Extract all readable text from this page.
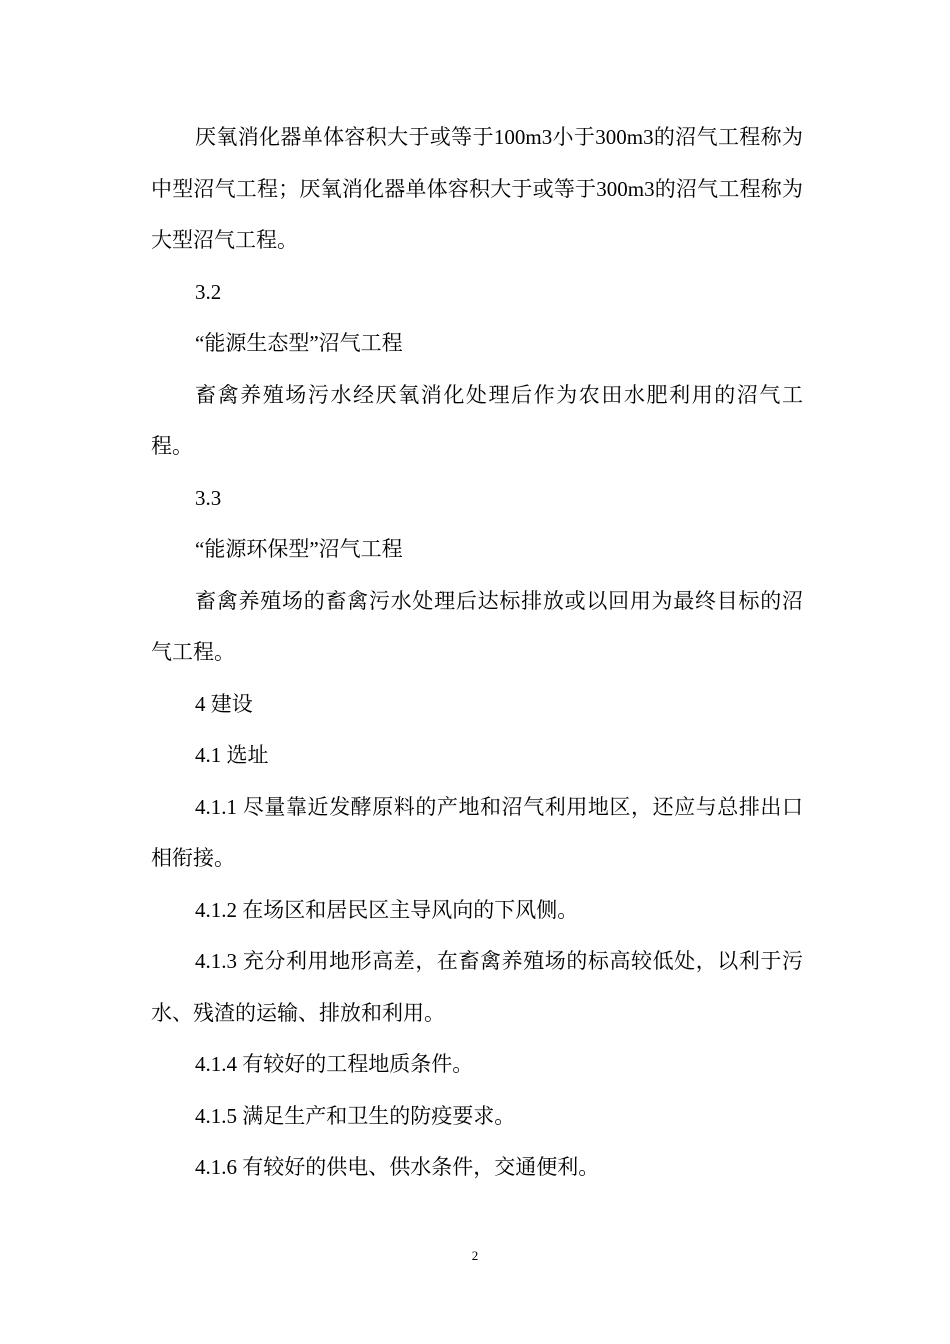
厌氧消化器单体容积大于或等于100m3小于300m3的沼气工程称为中型沼气工程；厌氧消化器单体容积大于或等于300m3的沼气工程称为大型沼气工程。

3.2

“能源生态型”沼气工程

畜禽养殖场污水经厌氧消化处理后作为农田水肥利用的沼气工程。

3.3

“能源环保型”沼气工程

畜禽养殖场的畜禽污水处理后达标排放或以回用为最终目标的沼气工程。

4 建设

4.1 选址

4.1.1 尽量靠近发酵原料的产地和沼气利用地区，还应与总排出口相衔接。

4.1.2 在场区和居民区主导风向的下风侧。

4.1.3 充分利用地形高差，在畜禽养殖场的标高较低处，以利于污水、残渣的运输、排放和利用。

4.1.4 有较好的工程地质条件。

4.1.5 满足生产和卫生的防疫要求。

4.1.6 有较好的供电、供水条件，交通便利。

2
